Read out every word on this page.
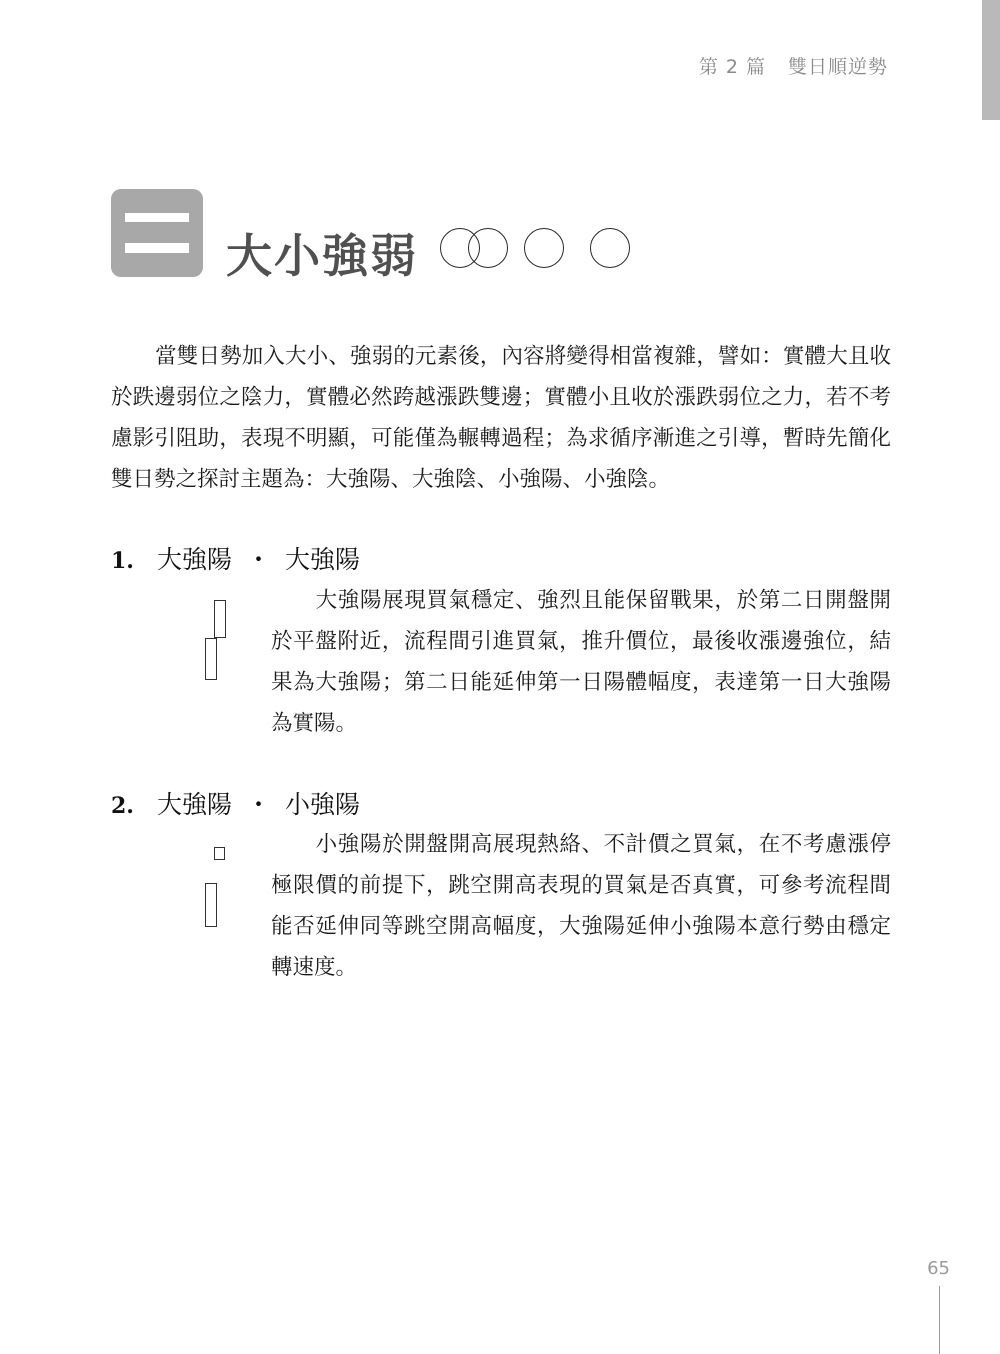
第 2 篇 雙日順逆勢
大小強弱

當雙日勢加入大小、強弱的元素後，內容將變得相當複雜，譬如：實體大且收於跌邊弱位之陰力，實體必然跨越漲跌雙邊；實體小且收於漲跌弱位之力，若不考慮影引阻助，表現不明顯，可能僅為輾轉過程；為求循序漸進之引導，暫時先簡化雙日勢之探討主題為：大強陽、大強陰、小強陽、小強陰。

1. 大強陽 ・ 大強陽

大強陽展現買氣穩定、強烈且能保留戰果，於第二日開盤開於平盤附近，流程間引進買氣，推升價位，最後收漲邊強位，結果為大強陽；第二日能延伸第一日陽體幅度，表達第一日大強陽為實陽。

2. 大強陽 ・ 小強陽

小強陽於開盤開高展現熱絡、不計價之買氣，在不考慮漲停極限價的前提下，跳空開高表現的買氣是否真實，可參考流程間能否延伸同等跳空開高幅度，大強陽延伸小強陽本意行勢由穩定轉速度。

65
